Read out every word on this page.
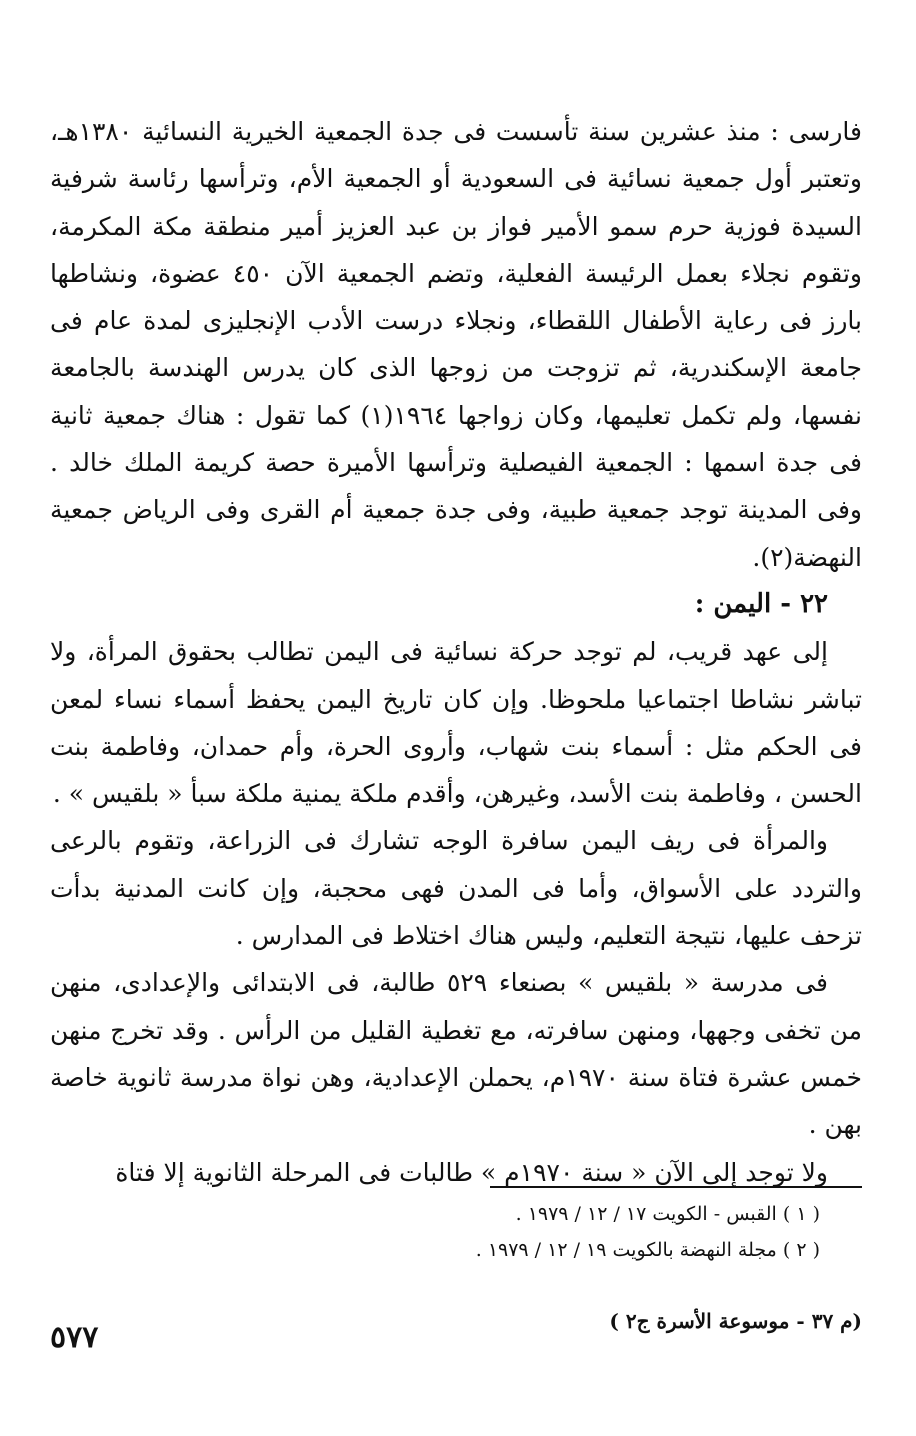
فارسى : منذ عشرين سنة تأسست فى جدة الجمعية الخيرية النسائية ١٣٨٠هـ، وتعتبر أول جمعية نسائية فى السعودية أو الجمعية الأم، وترأسها رئاسة شرفية السيدة فوزية حرم سمو الأمير فواز بن عبد العزيز أمير منطقة مكة المكرمة، وتقوم نجلاء بعمل الرئيسة الفعلية، وتضم الجمعية الآن ٤٥٠ عضوة، ونشاطها بارز فى رعاية الأطفال اللقطاء، ونجلاء درست الأدب الإنجليزى لمدة عام فى جامعة الإسكندرية، ثم تزوجت من زوجها الذى كان يدرس الهندسة بالجامعة نفسها، ولم تكمل تعليمها، وكان زواجها ١٩٦٤(١) كما تقول : هناك جمعية ثانية فى جدة اسمها : الجمعية الفيصلية وترأسها الأميرة حصة كريمة الملك خالد . وفى المدينة توجد جمعية طبية، وفى جدة جمعية أم القرى وفى الرياض جمعية النهضة(٢).

٢٢ - اليمن :

إلى عهد قريب، لم توجد حركة نسائية فى اليمن تطالب بحقوق المرأة، ولا تباشر نشاطا اجتماعيا ملحوظا. وإن كان تاريخ اليمن يحفظ أسماء نساء لمعن فى الحكم مثل : أسماء بنت شهاب، وأروى الحرة، وأم حمدان، وفاطمة بنت الحسن ، وفاطمة بنت الأسد، وغيرهن، وأقدم ملكة يمنية ملكة سبأ « بلقيس » .

والمرأة فى ريف اليمن سافرة الوجه تشارك فى الزراعة، وتقوم بالرعى والتردد على الأسواق، وأما فى المدن فهى محجبة، وإن كانت المدنية بدأت تزحف عليها، نتيجة التعليم، وليس هناك اختلاط فى المدارس .

فى مدرسة « بلقيس » بصنعاء ٥٢٩ طالبة، فى الابتدائى والإعدادى، منهن من تخفى وجهها، ومنهن سافرته، مع تغطية القليل من الرأس . وقد تخرج منهن خمس عشرة فتاة سنة ١٩٧٠م، يحملن الإعدادية، وهن نواة مدرسة ثانوية خاصة بهن .

ولا توجد إلى الآن « سنة ١٩٧٠م » طالبات فى المرحلة الثانوية إلا فتاة

( ١ ) القبس - الكويت ١٧ / ١٢ / ١٩٧٩ .

( ٢ ) مجلة النهضة بالكويت ١٩ / ١٢ / ١٩٧٩ .

(م ٣٧ - موسوعة الأسرة ج٢ )
٥٧٧
